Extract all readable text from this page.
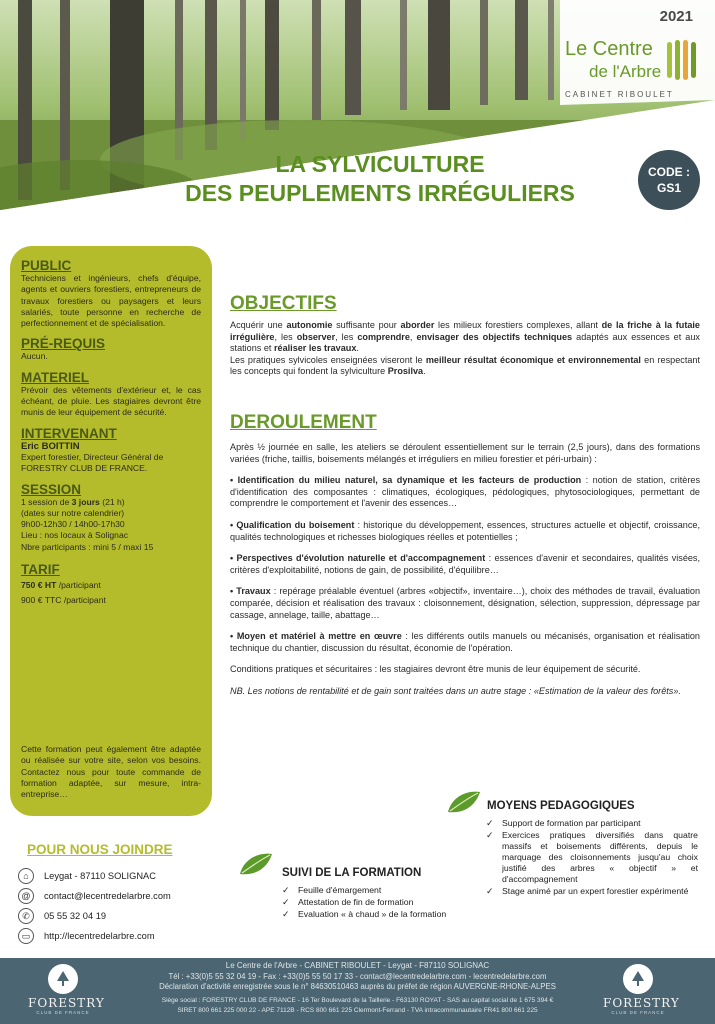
2021
Le Centre
de l'Arbre
CABINET RIBOULET
LA SYLVICULTURE
DES PEUPLEMENTS IRRÉGULIERS
CODE :
GS1
PUBLIC

Techniciens et ingénieurs, chefs d'équipe, agents et ouvriers forestiers, entrepreneurs de travaux forestiers ou paysagers et leurs salariés, toute personne en recherche de perfectionnement et de spécialisation.

PRÉ-REQUIS

Aucun.

MATERIEL

Prévoir des vêtements d'extérieur et, le cas échéant, de pluie. Les stagiaires devront être munis de leur équipement de sécurité.

INTERVENANT

Eric BOITTIN

Expert forestier, Directeur Général de FORESTRY CLUB DE FRANCE.

SESSION

1 session de 3 jours (21 h)

(dates sur notre calendrier)

9h00-12h30 / 14h00-17h30

Lieu : nos locaux à Solignac

Nbre participants : mini 5 / maxi 15

TARIF

750 € HT /participant

900 € TTC /participant

Cette formation peut également être adaptée ou réalisée sur votre site, selon vos besoins. Contactez nous pour toute commande de formation adaptée, sur mesure, intra-entreprise…

OBJECTIFS
Acquérir une autonomie suffisante pour aborder les milieux forestiers complexes, allant de la friche à la futaie irrégulière, les observer, les comprendre, envisager des objectifs techniques adaptés aux essences et aux stations et réaliser les travaux.
Les pratiques sylvicoles enseignées viseront le meilleur résultat économique et environnemental en respectant les concepts qui fondent la sylviculture Prosilva.
DEROULEMENT
Après ½ journée en salle, les ateliers se déroulent essentiellement sur le terrain (2,5 jours), dans des formations variées (friche, taillis, boisements mélangés et irréguliers en milieu forestier et péri-urbain) :
• Identification du milieu naturel, sa dynamique et les facteurs de production : notion de station, critères d'identification des composantes : climatiques, écologiques, pédologiques, phytosociologiques, permettant de comprendre le comportement et l'avenir des essences…
• Qualification du boisement : historique du développement, essences, structures actuelle et objectif, croissance, qualités technologiques et richesses biologiques réelles et potentielles ;
• Perspectives d'évolution naturelle et d'accompagnement : essences d'avenir et secondaires, qualités visées, critères d'exploitabilité, notions de gain, de possibilité, d'équilibre…
• Travaux : repérage préalable éventuel (arbres «objectif», inventaire…), choix des méthodes de travail, évaluation comparée, décision et réalisation des travaux : cloisonnement, désignation, sélection, suppression, dépressage par cassage, annelage, taille, abattage…
• Moyen et matériel à mettre en œuvre : les différents outils manuels ou mécanisés, organisation et réalisation technique du chantier, discussion du résultat, économie de l'opération.
Conditions pratiques et sécuritaires : les stagiaires devront être munis de leur équipement de sécurité.
NB. Les notions de rentabilité et de gain sont traitées dans un autre stage : «Estimation de la valeur des forêts».
MOYENS PEDAGOGIQUES
✓ Support de formation par participant
✓ Exercices pratiques diversifiés dans quatre massifs et boisements différents, depuis le marquage des cloisonnements jusqu'au choix justifié des arbres « objectif » et d'accompagnement
✓ Stage animé par un expert forestier expérimenté
SUIVI DE LA FORMATION
✓ Feuille d'émargement
✓ Attestation de fin de formation
✓ Evaluation « à chaud » de la formation
POUR NOUS JOINDRE
⌂	Leygat - 87110 SOLIGNAC
@	contact@lecentredelarbre.com
✆	05 55 32 04 19
▭	http://lecentredelarbre.com
FORESTRY
CLUB DE FRANCE
Le Centre de l'Arbre - CABINET RIBOULET - Leygat - F87110 SOLIGNAC
Tél : +33(0)5 55 32 04 19 - Fax : +33(0)5 55 50 17 33 - contact@lecentredelarbre.com - lecentredelarbre.com
Déclaration d'activité enregistrée sous le n° 84630510463 auprès du préfet de région AUVERGNE-RHONE-ALPES
Siège social : FORESTRY CLUB DE FRANCE - 16 Ter Boulevard de la Taillerie - F63130 ROYAT - SAS au capital social de 1 675 394 €
SIRET 800 661 225 000 22 - APE 7112B - RCS 800 661 225 Clermont-Ferrand - TVA intracommunautaire FR41 800 661 225
FORESTRY
CLUB DE FRANCE
